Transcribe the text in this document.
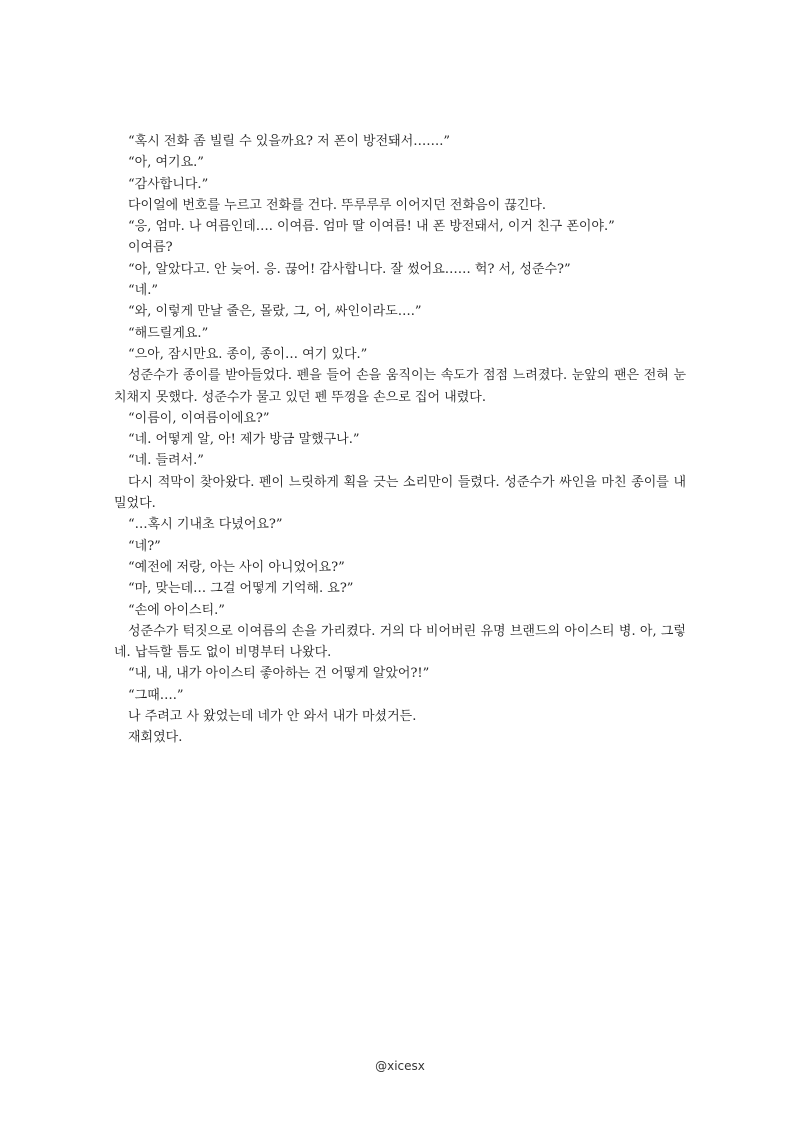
“혹시 전화 좀 빌릴 수 있을까요? 저 폰이 방전돼서…….”

“아, 여기요.”

“감사합니다.”

다이얼에 번호를 누르고 전화를 건다. 뚜루루루 이어지던 전화음이 끊긴다.

“응, 엄마. 나 여름인데…. 이여름. 엄마 딸 이여름! 내 폰 방전돼서, 이거 친구 폰이야.”

이여름?

“아, 알았다고. 안 늦어. 응. 끊어! 감사합니다. 잘 썼어요…… 헉? 서, 성준수?”

“네.”

“와, 이렇게 만날 줄은, 몰랐, 그, 어, 싸인이라도….”

“해드릴게요.”

“으아, 잠시만요. 종이, 종이… 여기 있다.”

성준수가 종이를 받아들었다. 펜을 들어 손을 움직이는 속도가 점점 느려졌다. 눈앞의 팬은 전혀 눈치채지 못했다. 성준수가 물고 있던 펜 뚜껑을 손으로 집어 내렸다.

“이름이, 이여름이에요?”

“네. 어떻게 알, 아! 제가 방금 말했구나.”

“네. 들려서.”

다시 적막이 찾아왔다. 펜이 느릿하게 획을 긋는 소리만이 들렸다. 성준수가 싸인을 마친 종이를 내밀었다.

“…혹시 기내초 다녔어요?”

“네?”

“예전에 저랑, 아는 사이 아니었어요?”

“마, 맞는데… 그걸 어떻게 기억해. 요?”

“손에 아이스티.”

성준수가 턱짓으로 이여름의 손을 가리켰다. 거의 다 비어버린 유명 브랜드의 아이스티 병. 아, 그렇네. 납득할 틈도 없이 비명부터 나왔다.

“내, 내, 내가 아이스티 좋아하는 건 어떻게 알았어?!”

“그때….”

나 주려고 사 왔었는데 네가 안 와서 내가 마셨거든.

재회였다.

@xicesx
